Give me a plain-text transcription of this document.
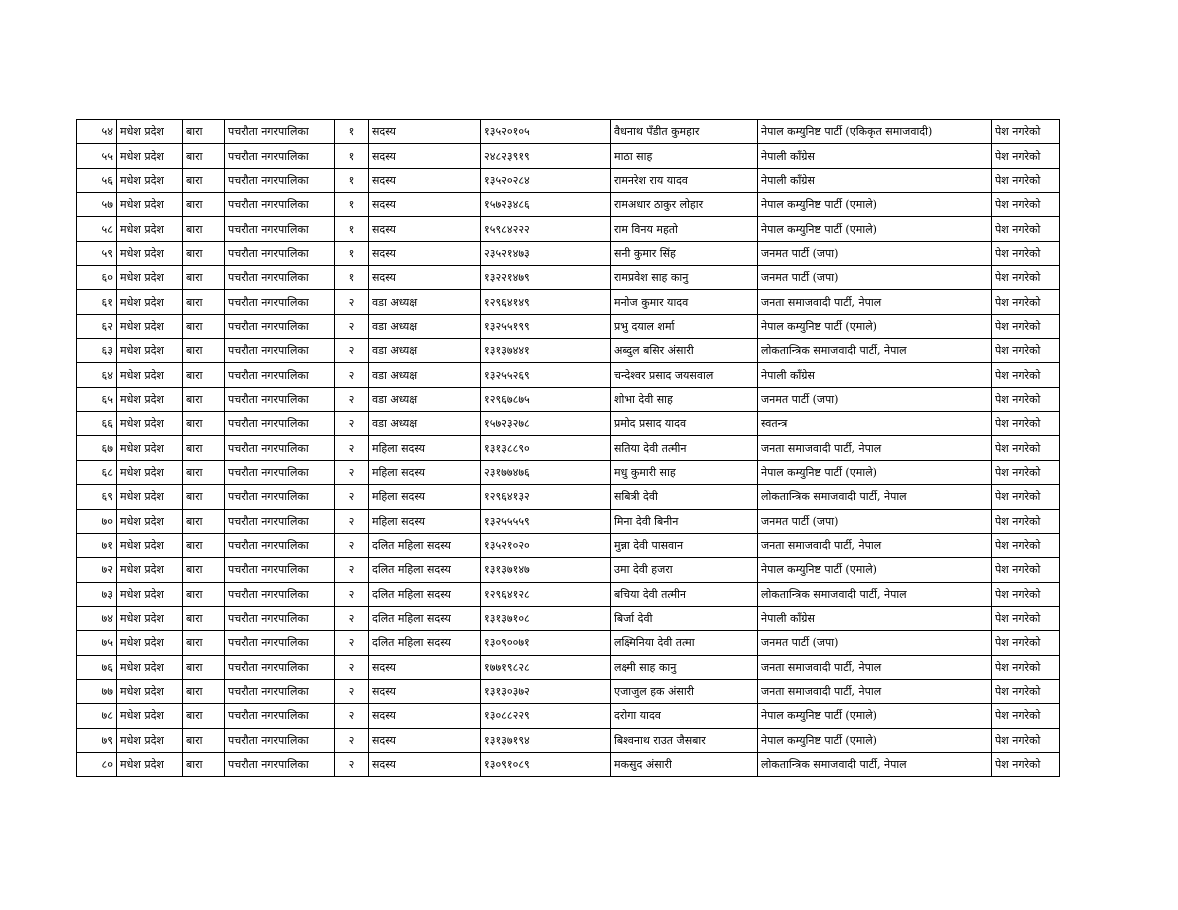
५४	मधेश प्रदेश	बारा	पचरौता नगरपालिका	१	सदस्य	१३५२०१०५	वैधनाथ पँडीत कुमहार	नेपाल कम्युनिष्ट पार्टी (एकिकृत समाजवादी)	पेश नगरेको
५५	मधेश प्रदेश	बारा	पचरौता नगरपालिका	१	सदस्य	२४८२३९१९	माठा साह	नेपाली काँग्रेस	पेश नगरेको
५६	मधेश प्रदेश	बारा	पचरौता नगरपालिका	१	सदस्य	१३५२०२८४	रामनरेश राय यादव	नेपाली काँग्रेस	पेश नगरेको
५७	मधेश प्रदेश	बारा	पचरौता नगरपालिका	१	सदस्य	१५७२३४८६	रामअधार ठाकुर लोहार	नेपाल कम्युनिष्ट पार्टी (एमाले)	पेश नगरेको
५८	मधेश प्रदेश	बारा	पचरौता नगरपालिका	१	सदस्य	१५९८४२२२	राम विनय महतो	नेपाल कम्युनिष्ट पार्टी (एमाले)	पेश नगरेको
५९	मधेश प्रदेश	बारा	पचरौता नगरपालिका	१	सदस्य	२३५२१४७३	सनी कुमार सिंह	जनमत पार्टी (जपा)	पेश नगरेको
६०	मधेश प्रदेश	बारा	पचरौता नगरपालिका	१	सदस्य	१३२२१४७९	रामप्रवेश साह कानु	जनमत पार्टी (जपा)	पेश नगरेको
६१	मधेश प्रदेश	बारा	पचरौता नगरपालिका	२	वडा अध्यक्ष	१२९६४१४९	मनोज कुमार यादव	जनता समाजवादी पार्टी, नेपाल	पेश नगरेको
६२	मधेश प्रदेश	बारा	पचरौता नगरपालिका	२	वडा अध्यक्ष	१३२५५१९९	प्रभु दयाल शर्मा	नेपाल कम्युनिष्ट पार्टी (एमाले)	पेश नगरेको
६३	मधेश प्रदेश	बारा	पचरौता नगरपालिका	२	वडा अध्यक्ष	१३१३७४४१	अब्दुल बसिर अंसारी	लोकतान्त्रिक समाजवादी पार्टी, नेपाल	पेश नगरेको
६४	मधेश प्रदेश	बारा	पचरौता नगरपालिका	२	वडा अध्यक्ष	१३२५५२६९	चन्देश्वर प्रसाद जयसवाल	नेपाली काँग्रेस	पेश नगरेको
६५	मधेश प्रदेश	बारा	पचरौता नगरपालिका	२	वडा अध्यक्ष	१२९६७८७५	शोभा देवी साह	जनमत पार्टी (जपा)	पेश नगरेको
६६	मधेश प्रदेश	बारा	पचरौता नगरपालिका	२	वडा अध्यक्ष	१५७२३२७८	प्रमोद प्रसाद यादव	स्वतन्त्र	पेश नगरेको
६७	मधेश प्रदेश	बारा	पचरौता नगरपालिका	२	महिला सदस्य	१३१३८८९०	सतिया देवी तत्मीन	जनता समाजवादी पार्टी, नेपाल	पेश नगरेको
६८	मधेश प्रदेश	बारा	पचरौता नगरपालिका	२	महिला सदस्य	२३१७७४७६	मधु कुमारी साह	नेपाल कम्युनिष्ट पार्टी (एमाले)	पेश नगरेको
६९	मधेश प्रदेश	बारा	पचरौता नगरपालिका	२	महिला सदस्य	१२९६४१३२	सबित्री देवी	लोकतान्त्रिक समाजवादी पार्टी, नेपाल	पेश नगरेको
७०	मधेश प्रदेश	बारा	पचरौता नगरपालिका	२	महिला सदस्य	१३२५५५५९	मिना देवी बिनीन	जनमत पार्टी (जपा)	पेश नगरेको
७१	मधेश प्रदेश	बारा	पचरौता नगरपालिका	२	दलित महिला सदस्य	१३५२१०२०	मुन्ना देवी पासवान	जनता समाजवादी पार्टी, नेपाल	पेश नगरेको
७२	मधेश प्रदेश	बारा	पचरौता नगरपालिका	२	दलित महिला सदस्य	१३१३७१४७	उमा देवी हजरा	नेपाल कम्युनिष्ट पार्टी (एमाले)	पेश नगरेको
७३	मधेश प्रदेश	बारा	पचरौता नगरपालिका	२	दलित महिला सदस्य	१२९६४१२८	बचिया देवी तत्मीन	लोकतान्त्रिक समाजवादी पार्टी, नेपाल	पेश नगरेको
७४	मधेश प्रदेश	बारा	पचरौता नगरपालिका	२	दलित महिला सदस्य	१३१३७१०८	बिर्जा देवी	नेपाली काँग्रेस	पेश नगरेको
७५	मधेश प्रदेश	बारा	पचरौता नगरपालिका	२	दलित महिला सदस्य	१३०९००७१	लक्ष्मिनिया देवी तत्मा	जनमत पार्टी (जपा)	पेश नगरेको
७६	मधेश प्रदेश	बारा	पचरौता नगरपालिका	२	सदस्य	१७७१९८२८	लक्ष्मी साह कानु	जनता समाजवादी पार्टी, नेपाल	पेश नगरेको
७७	मधेश प्रदेश	बारा	पचरौता नगरपालिका	२	सदस्य	१३१३०३७२	एजाजुल हक अंसारी	जनता समाजवादी पार्टी, नेपाल	पेश नगरेको
७८	मधेश प्रदेश	बारा	पचरौता नगरपालिका	२	सदस्य	१३०८८२२९	दरोगा यादव	नेपाल कम्युनिष्ट पार्टी (एमाले)	पेश नगरेको
७९	मधेश प्रदेश	बारा	पचरौता नगरपालिका	२	सदस्य	१३१३७१९४	बिश्वनाथ राउत जैसबार	नेपाल कम्युनिष्ट पार्टी (एमाले)	पेश नगरेको
८०	मधेश प्रदेश	बारा	पचरौता नगरपालिका	२	सदस्य	१३०९१०८९	मकसुद अंसारी	लोकतान्त्रिक समाजवादी पार्टी, नेपाल	पेश नगरेको
